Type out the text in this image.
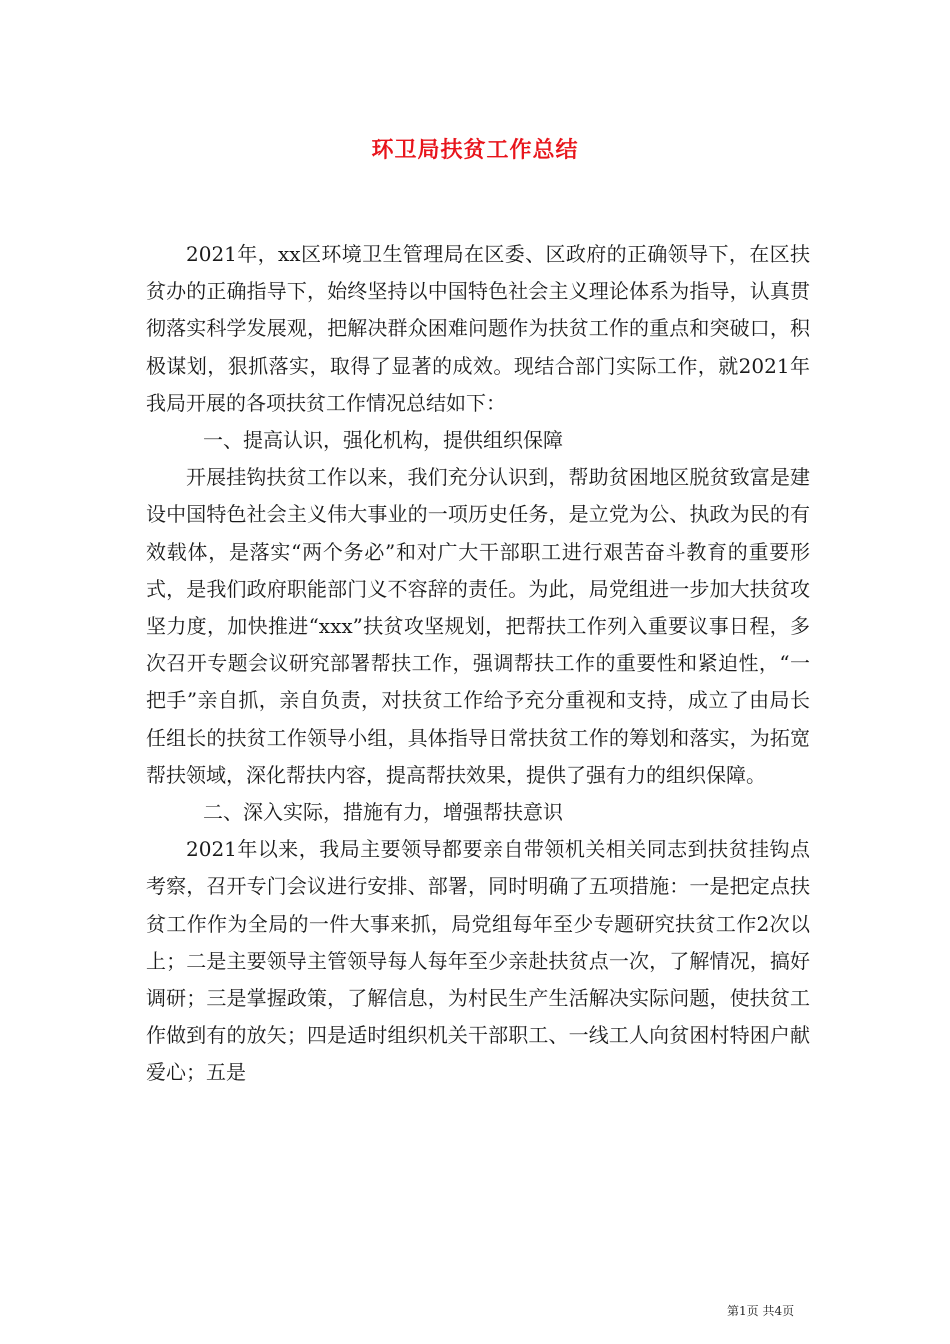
环卫局扶贫工作总结

2021年，xx区环境卫生管理局在区委、区政府的正确领导下，在区扶贫办的正确指导下，始终坚持以中国特色社会主义理论体系为指导，认真贯彻落实科学发展观，把解决群众困难问题作为扶贫工作的重点和突破口，积极谋划，狠抓落实，取得了显著的成效。现结合部门实际工作，就2021年我局开展的各项扶贫工作情况总结如下：

一、提高认识，强化机构，提供组织保障

开展挂钩扶贫工作以来，我们充分认识到，帮助贫困地区脱贫致富是建设中国特色社会主义伟大事业的一项历史任务，是立党为公、执政为民的有效载体，是落实“两个务必”和对广大干部职工进行艰苦奋斗教育的重要形式，是我们政府职能部门义不容辞的责任。为此，局党组进一步加大扶贫攻坚力度，加快推进“xxx”扶贫攻坚规划，把帮扶工作列入重要议事日程，多次召开专题会议研究部署帮扶工作，强调帮扶工作的重要性和紧迫性，“一把手”亲自抓，亲自负责，对扶贫工作给予充分重视和支持，成立了由局长任组长的扶贫工作领导小组，具体指导日常扶贫工作的筹划和落实，为拓宽帮扶领域，深化帮扶内容，提高帮扶效果，提供了强有力的组织保障。

二、深入实际，措施有力，增强帮扶意识

2021年以来，我局主要领导都要亲自带领机关相关同志到扶贫挂钩点考察，召开专门会议进行安排、部署，同时明确了五项措施：一是把定点扶贫工作作为全局的一件大事来抓，局党组每年至少专题研究扶贫工作2次以上；二是主要领导主管领导每人每年至少亲赴扶贫点一次，了解情况，搞好调研；三是掌握政策，了解信息，为村民生产生活解决实际问题，使扶贫工作做到有的放矢；四是适时组织机关干部职工、一线工人向贫困村特困户献爱心；五是

第1页 共4页
